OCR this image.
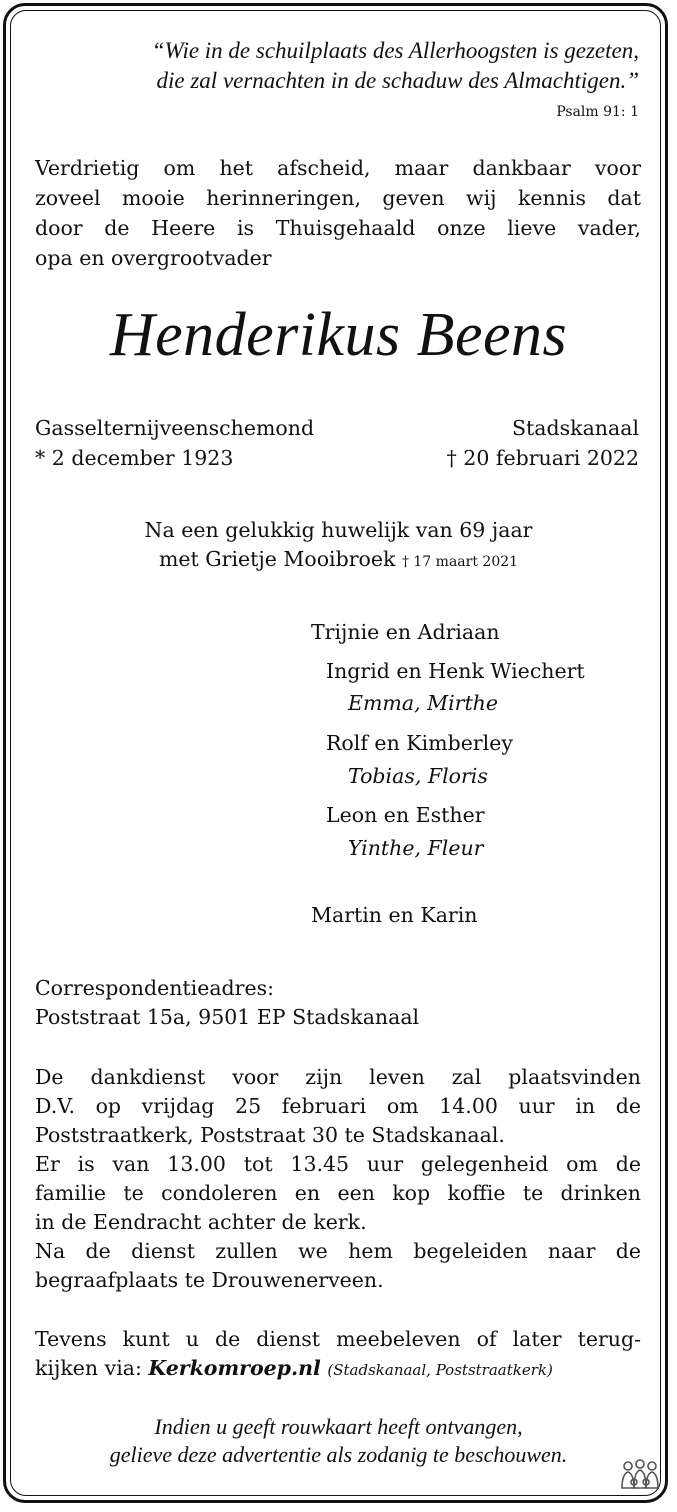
“Wie in de schuilplaats des Allerhoogsten is gezeten,

die zal vernachten in de schaduw des Almachtigen.”

Psalm 91: 1

Verdrietig om het afscheid, maar dankbaar voor

zoveel mooie herinneringen, geven wij kennis dat

door de Heere is Thuisgehaald onze lieve vader,

opa en overgrootvader

Henderikus Beens

Gasselternijveenschemond	Stadskanaal

* 2 december 1923	† 20 februari 2022

Na een gelukkig huwelijk van 69 jaar

met Grietje Mooibroek † 17 maart 2021

Trijnie en Adriaan

Ingrid en Henk Wiechert

Emma, Mirthe

Rolf en Kimberley

Tobias, Floris

Leon en Esther

Yinthe, Fleur

Martin en Karin

Correspondentieadres:

Poststraat 15a, 9501 EP Stadskanaal

De dankdienst voor zijn leven zal plaatsvinden

D.V. op vrijdag 25 februari om 14.00 uur in de

Poststraatkerk, Poststraat 30 te Stadskanaal.

Er is van 13.00 tot 13.45 uur gelegenheid om de

familie te condoleren en een kop koffie te drinken

in de Eendracht achter de kerk.

Na de dienst zullen we hem begeleiden naar de

begraafplaats te Drouwenerveen.

Tevens kunt u de dienst meebeleven of later terug-

kijken via: Kerkomroep.nl (Stadskanaal, Poststraatkerk)

Indien u geeft rouwkaart heeft ontvangen,

gelieve deze advertentie als zodanig te beschouwen.
